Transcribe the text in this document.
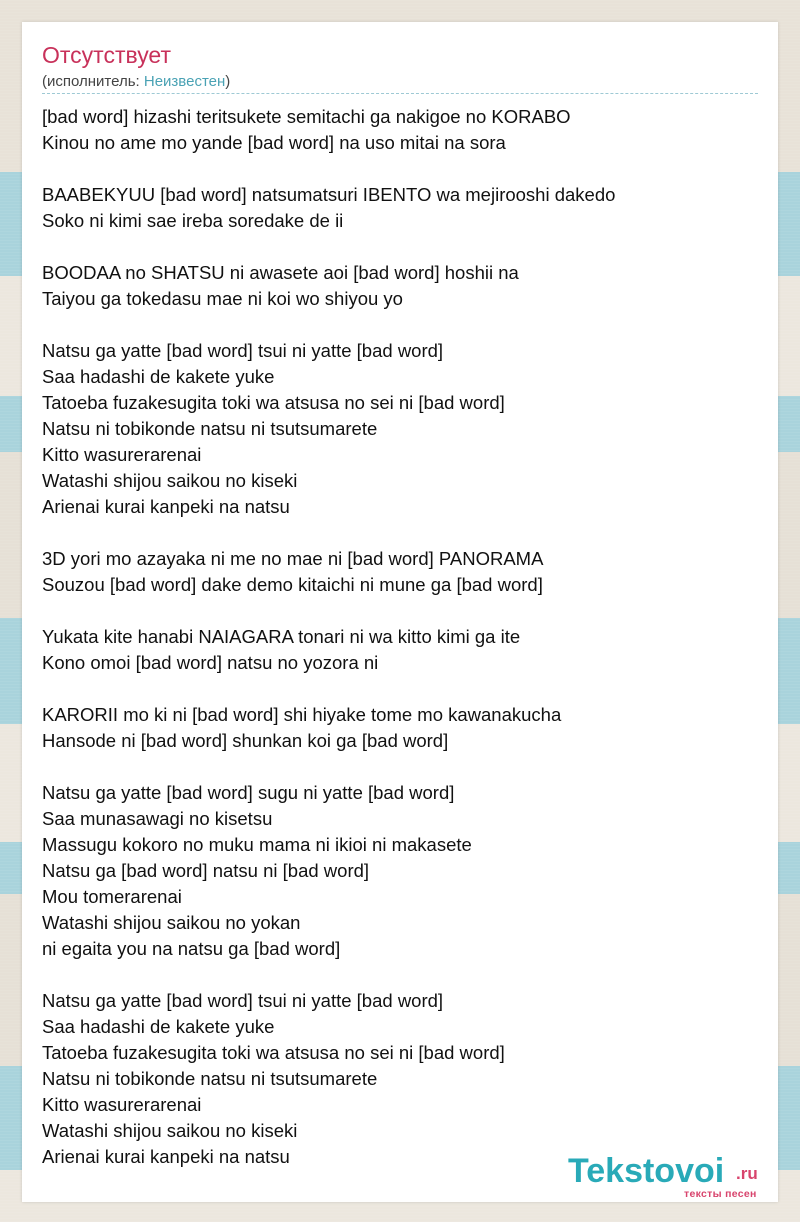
Отсутствует
(исполнитель: Неизвестен)
[bad word] hizashi teritsukete semitachi ga nakigoe no KORABO
Kinou no ame mo yande [bad word] na uso mitai na sora
BAABEKYUU [bad word] natsumatsuri IBENTO wa mejirooshi dakedo
Soko ni kimi sae ireba soredake de ii
BOODAA no SHATSU ni awasete aoi [bad word] hoshii na
Taiyou ga tokedasu mae ni koi wo shiyou yo
Natsu ga yatte [bad word] tsui ni yatte [bad word]
Saa hadashi de kakete yuke
Tatoeba fuzakesugita toki wa atsusa no sei ni [bad word]
Natsu ni tobikonde natsu ni tsutsumarete
Kitto wasurerarenai
Watashi shijou saikou no kiseki
Arienai kurai kanpeki na natsu
3D yori mo azayaka ni me no mae ni [bad word] PANORAMA
Souzou [bad word] dake demo kitaichi ni mune ga [bad word]
Yukata kite hanabi NAIAGARA tonari ni wa kitto kimi ga ite
Kono omoi [bad word] natsu no yozora ni
KARORII mo ki ni [bad word] shi hiyake tome mo kawanakucha
Hansode ni [bad word] shunkan koi ga [bad word]
Natsu ga yatte [bad word] sugu ni yatte [bad word]
Saa munasawagi no kisetsu
Massugu kokoro no muku mama ni ikioi ni makasete
Natsu ga [bad word] natsu ni [bad word]
Mou tomerarenai
Watashi shijou saikou no yokan
ni egaita you na natsu ga [bad word]
Natsu ga yatte [bad word] tsui ni yatte [bad word]
Saa hadashi de kakete yuke
Tatoeba fuzakesugita toki wa atsusa no sei ni [bad word]
Natsu ni tobikonde natsu ni tsutsumarete
Kitto wasurerarenai
Watashi shijou saikou no kiseki
Arienai kurai kanpeki na natsu	Tekstovoi .ru
тексты песен
